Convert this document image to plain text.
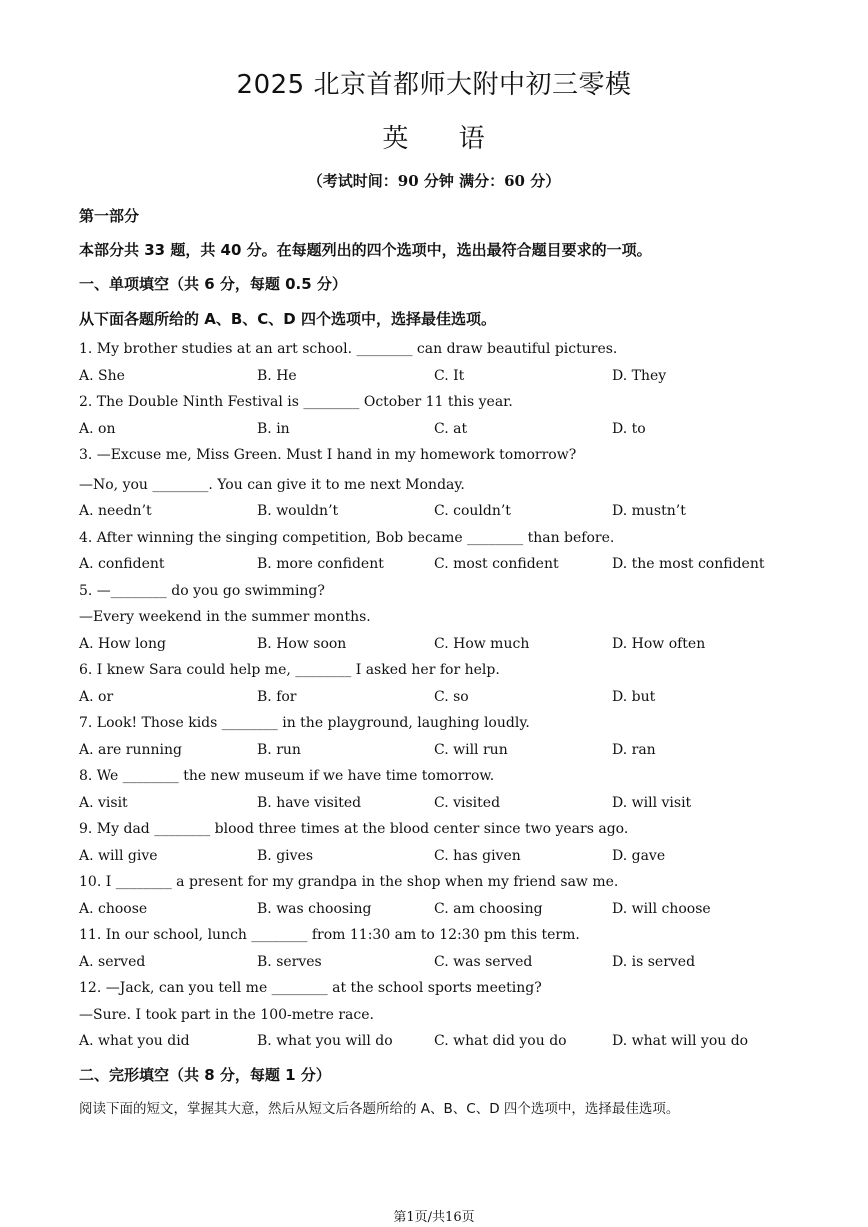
2025 北京首都师大附中初三零模
英 语
（考试时间：90 分钟 满分：60 分）
第一部分
本部分共 33 题，共 40 分。在每题列出的四个选项中，选出最符合题目要求的一项。
一、单项填空（共 6 分，每题 0.5 分）
从下面各题所给的 A、B、C、D 四个选项中，选择最佳选项。
1. My brother studies at an art school. ________ can draw beautiful pictures.
A. She	B. He	C. It	D. They
2. The Double Ninth Festival is ________ October 11 this year.
A. on	B. in	C. at	D. to
3. —Excuse me, Miss Green. Must I hand in my homework tomorrow?
—No, you ________. You can give it to me next Monday.
A. needn’t	B. wouldn’t	C. couldn’t	D. mustn’t
4. After winning the singing competition, Bob became ________ than before.
A. confident	B. more confident	C. most confident	D. the most confident
5. —________ do you go swimming?
—Every weekend in the summer months.
A. How long	B. How soon	C. How much	D. How often
6. I knew Sara could help me, ________ I asked her for help.
A. or	B. for	C. so	D. but
7. Look! Those kids ________ in the playground, laughing loudly.
A. are running	B. run	C. will run	D. ran
8. We ________ the new museum if we have time tomorrow.
A. visit	B. have visited	C. visited	D. will visit
9. My dad ________ blood three times at the blood center since two years ago.
A. will give	B. gives	C. has given	D. gave
10. I ________ a present for my grandpa in the shop when my friend saw me.
A. choose	B. was choosing	C. am choosing	D. will choose
11. In our school, lunch ________ from 11:30 am to 12:30 pm this term.
A. served	B. serves	C. was served	D. is served
12. —Jack, can you tell me ________ at the school sports meeting?
—Sure. I took part in the 100-metre race.
A. what you did	B. what you will do	C. what did you do	D. what will you do
二、完形填空（共 8 分，每题 1 分）
阅读下面的短文，掌握其大意，然后从短文后各题所给的 A、B、C、D 四个选项中，选择最佳选项。
第1页/共16页
